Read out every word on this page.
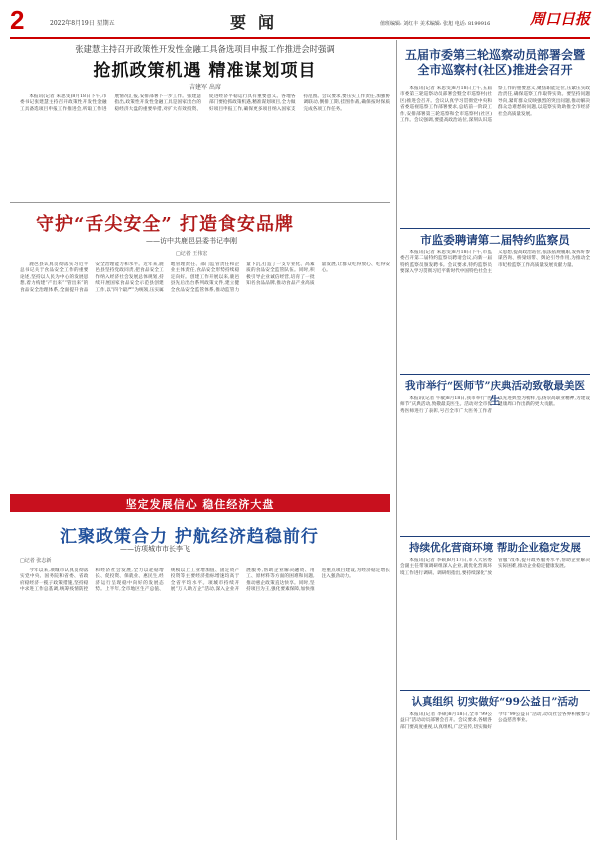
2	2022年8月19日 星期五	要闻	值班编辑: 刘红丰 美术编辑: 张旭 电话: 8199916	周口日报
张建慧主持召开政策性开发性金融工具备选项目申报工作推进会时强调
抢抓政策机遇 精准谋划项目
吉建军 出席

本报讯(记者 朱思雯)8月18日下午,市委书记张建慧主持召开政策性开发性金融工具备选项目申报工作推进会,听取工作进展情况汇报,安排部署下一步工作。张建慧指出,政策性开发性金融工具是国家出台的稳经济大盘的重要举措,对扩大有效投资、促进经济平稳运行具有重要意义。各地各部门要抢抓政策机遇,精准谋划项目,全力做好项目申报工作,确保更多项目纳入国家支持范围。会议要求,要压实工作责任,加强协调联动,倒排工期,挂图作战,确保按时保质完成各项工作任务。

守护“舌尖安全” 打造食安品牌
——访中共鹿邑县委书记李刚
□记者 王伟宏

鹿邑县认真贯彻落实习近平总书记关于食品安全工作的重要论述,坚持以人民为中心的发展思想,着力构建“产出来”“管出来”的食品安全治理体系,全面提升食品安全治理能力和水平。近年来,鹿邑县坚持党政同责,把食品安全工作纳入经济社会发展总体规划,持续开展国家食品安全示范县创建工作,以“四个最严”为统领,压实属地管理责任、部门监管责任和企业主体责任,食品安全形势持续稳定向好。创建工作开展以来,鹿邑县先后出台系列政策文件,建立健全食品安全监管体系,推动监管力量下沉,打造了一支专业化、高素质的食品安全监管队伍。同时,积极引导企业诚信经营,培育了一批知名食品品牌,推动食品产业高质量发展,让群众吃得放心、吃得安心。

坚定发展信心 稳住经济大盘
汇聚政策合力 护航经济趋稳前行
——访项城市市长李飞
□记者 张志新

今年以来,项城市认真贯彻落实党中央、国务院和省委、省政府稳经济一揽子政策措施,坚持稳中求进工作总基调,统筹疫情防控和经济社会发展,全力以赴稳增长、促投资、保就业、惠民生,经济运行呈现稳中向好的发展态势。上半年,全市地区生产总值、规模以上工业增加值、固定资产投资等主要经济指标增速均高于全省平均水平。项城市持续开展“万人助万企”活动,深入企业开展服务,帮助企业解决融资、用工、原材料等方面的困难和问题,推动惠企政策直达快享。同时,坚持项目为王,强化要素保障,加快推进重点项目建设,为经济稳定增长注入强劲动力。

五届市委第三轮巡察动员部署会暨全市巡察村(社区)推进会召开

本报讯(记者 朱思雯)8月18日上午,五届市委第三轮巡察动员部署会暨全市巡察村(社区)推进会召开。会议认真学习贯彻党中央和省委巡视巡察工作部署要求,总结前一阶段工作,安排部署第三轮巡察和全市巡察村(社区)工作。会议强调,要提高政治站位,深刻认识巡察工作的重要意义,聚焦职能定位,压紧压实政治责任,确保巡察工作取得实效。要坚持问题导向,紧盯群众反映强烈的突出问题,推动解决群众急难愁盼问题,以巡察实效助推全市经济社会高质量发展。

市监委聘请第二届特约监察员

本报讯(记者 朱思雯)8月18日下午,市监委召开第二届特约监察员聘请会议,向新一届特约监察员颁发聘书。会议要求,特约监察员要深入学习贯彻习近平新时代中国特色社会主义思想,提高政治站位,依法依规履职,发挥好参谋咨询、桥梁纽带、舆论引导作用,为推动全市纪检监察工作高质量发展贡献力量。

我市举行“医师节”庆典活动致敬最美医生

本报讯(记者 牛敏)8月18日,我市举行“医师节”庆典活动,致敬最美医生。活动对全市优秀医师进行了表彰,号召全市广大医务工作者以先进典型为榜样,弘扬崇高职业精神,为建设健康周口作出新的更大贡献。

持续优化营商环境 帮助企业稳定发展

本报讯(记者 李硕)8月17日,市人大常委会副主任带领调研组深入企业,就优化营商环境工作进行调研。调研组指出,要持续深化“放管服”改革,提升政务服务水平,帮助企业解决实际困难,推动企业稳定健康发展。

认真组织 切实做好“99公益日”活动

本报讯(记者 李硕)8月18日,全市“99公益日”活动动员部署会召开。会议要求,各级各部门要高度重视,认真组织,广泛宣传,切实做好今年“99公益日”活动,动员社会各界积极参与公益慈善事业。
